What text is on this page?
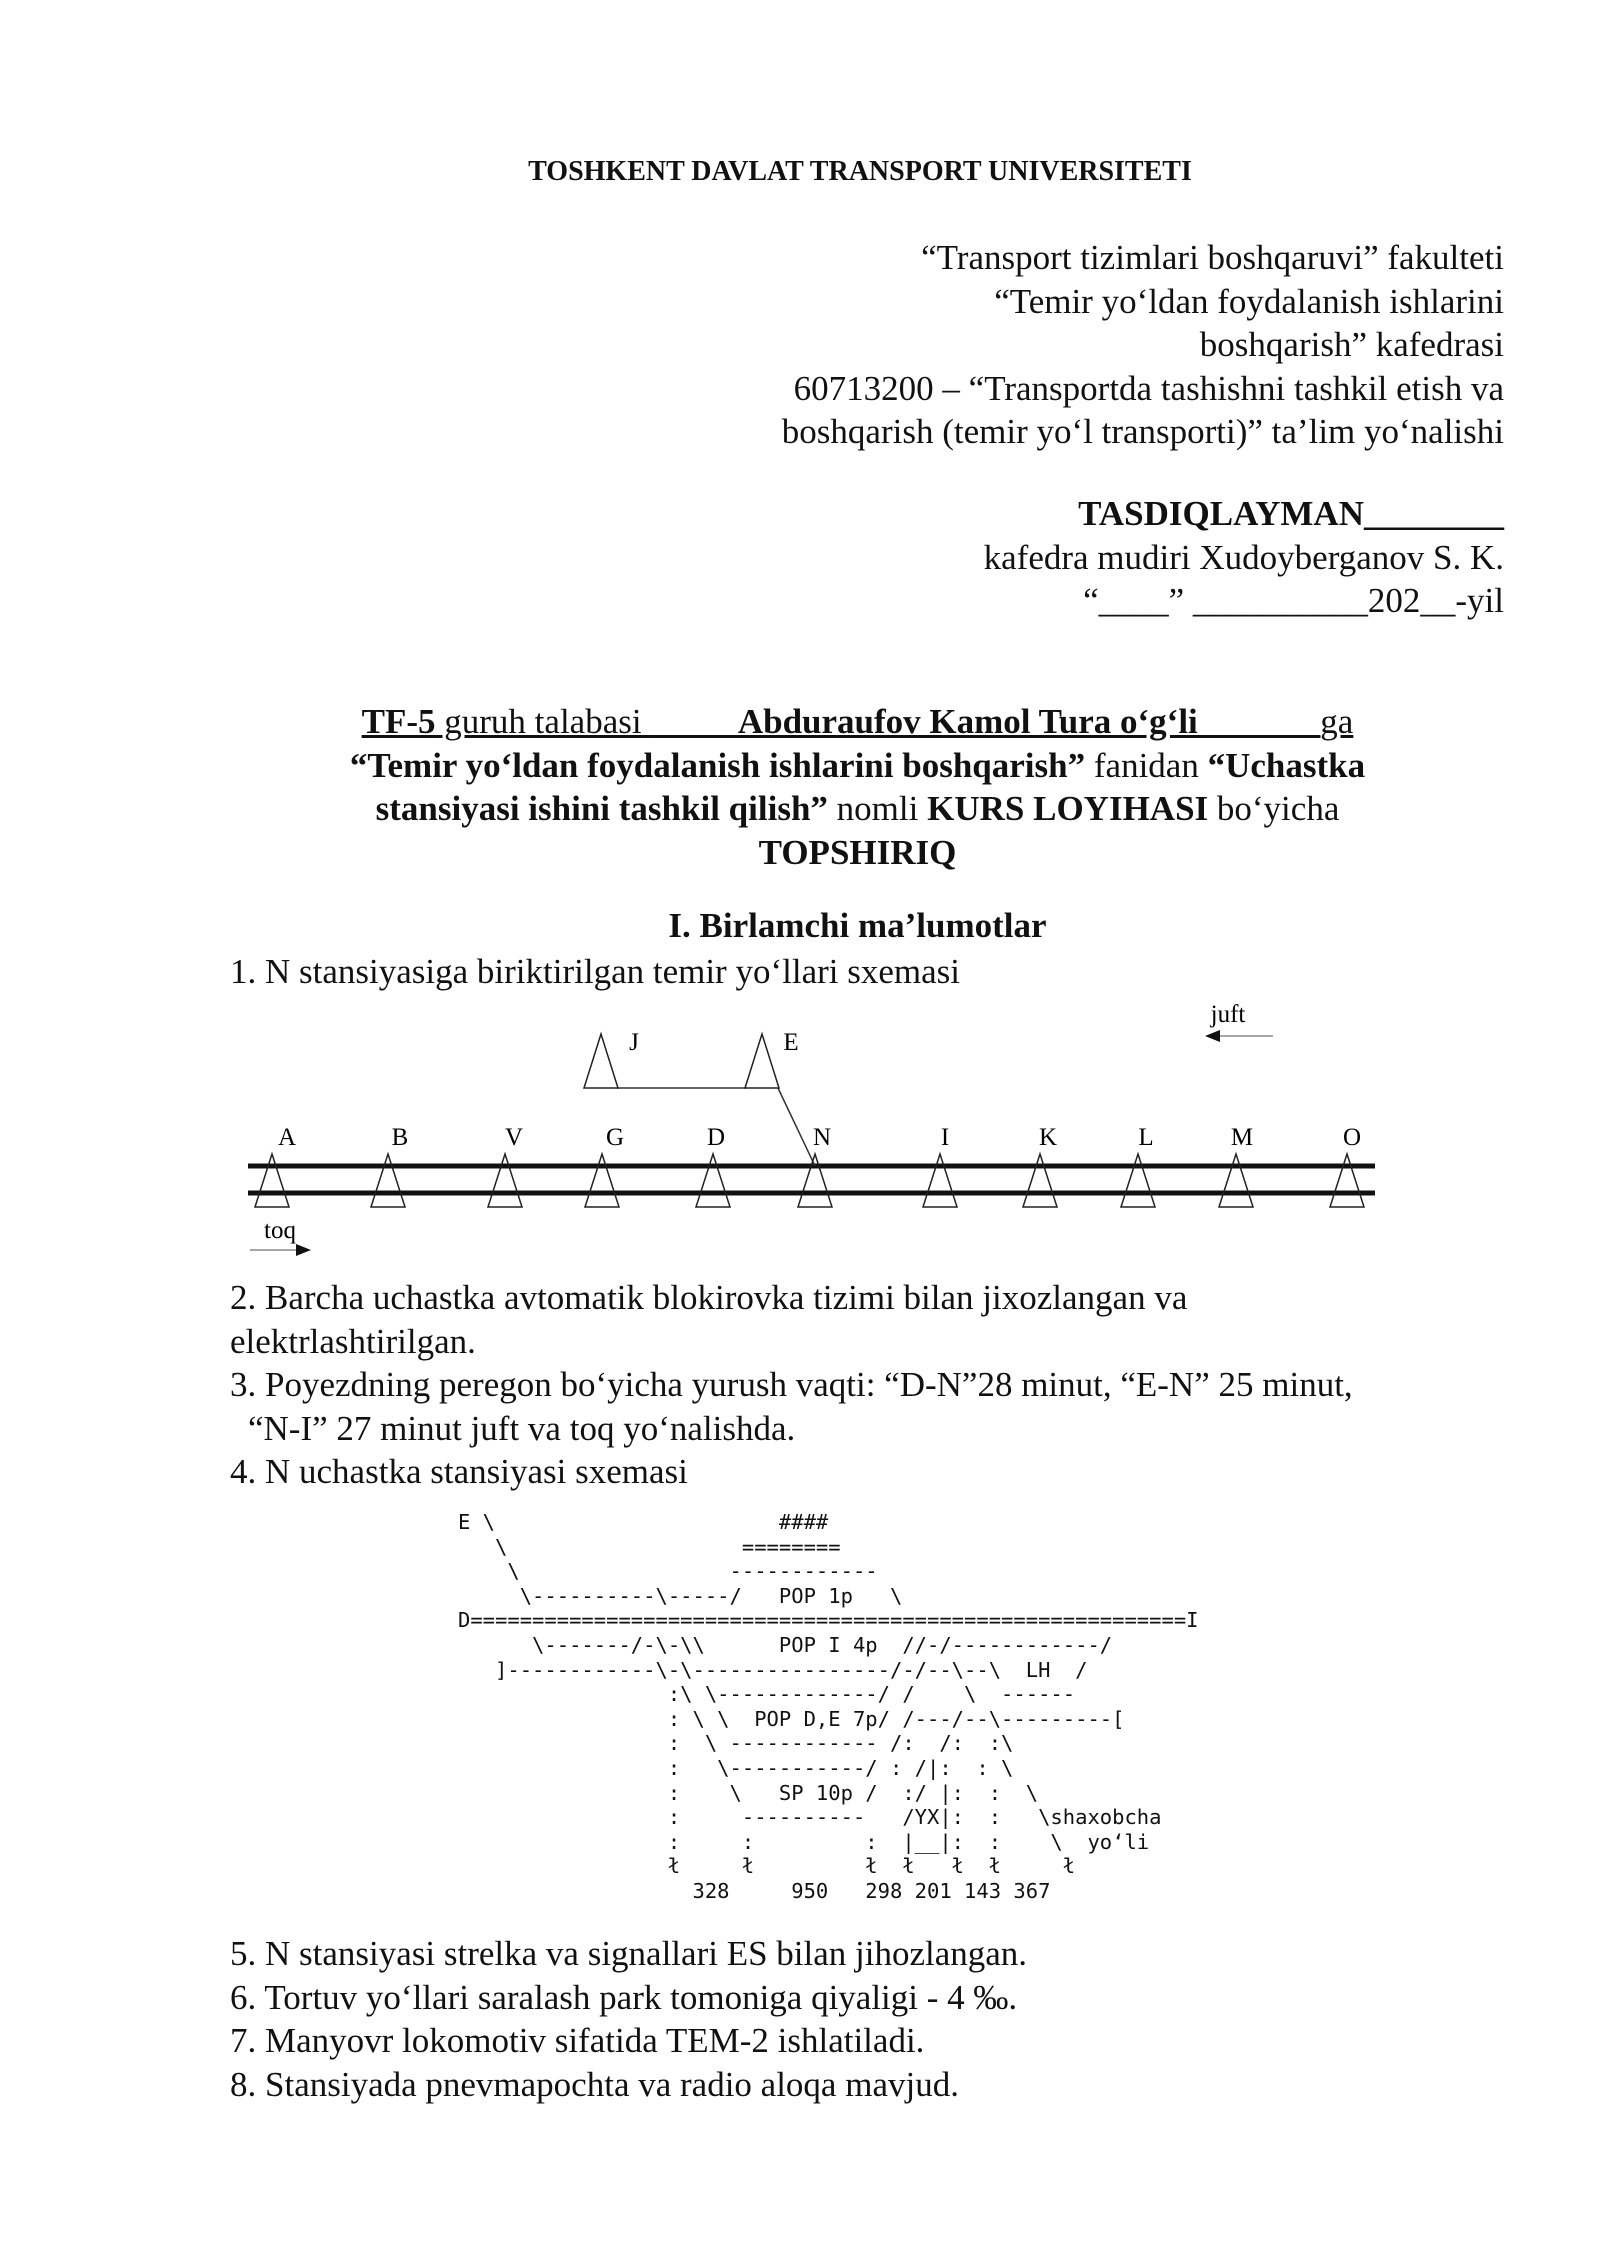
TOSHKENT DAVLAT TRANSPORT UNIVERSITETI
“Transport tizimlari boshqaruvi” fakulteti
“Temir yo‘ldan foydalanish ishlarini
boshqarish” kafedrasi
60713200 – “Transportda tashishni tashkil etish va
boshqarish (temir yo‘l transporti)” ta’lim yo‘nalishi
TASDIQLAYMAN________
kafedra mudiri Xudoyberganov S. K.
“____” __________202__-yil
TF-5 guruh talabasi _____Abduraufov Kamol Tura o‘g‘li_______ga
“Temir yo‘ldan foydalanish ishlarini boshqarish” fanidan “Uchastka
stansiyasi ishini tashkil qilish” nomli KURS LOYIHASI bo‘yicha
TOPSHIRIQ
I. Birlamchi ma’lumotlar
1. N stansiyasiga biriktirilgan temir yo‘llari sxemasi
A	B	V	G	D	N	I	K	L	M	O
J	E
juft
toq
2. Barcha uchastka avtomatik blokirovka tizimi bilan jixozlangan va
elektrlashtirilgan.
3. Poyezdning peregon bo‘yicha yurush vaqti: “D-N”28 minut, “E-N” 25 minut,
“N-I” 27 minut juft va toq yo‘nalishda.
4. N uchastka stansiyasi sxemasi
E \                       ####
\                   ========
\                 ------------
\----------\-----/   POP 1p   \
D==========================================================I
\-------/-\-\\      POP I 4p  //-/------------/
]------------\-\----------------/-/--\--\  LH  /
:\ \-------------/ /    \  ------
: \ \  POP D,E 7p/ /---/--\---------[
:  \ ------------ /:  /:  :\
:   \-----------/ : /|:  : \
:    \   SP 10p /  :/ |:  :  \
:     ----------   /YX|:  :   \shaxobcha
:     :         :  |__|:  :    \  yo‘li
ł     ł         ł  ł   ł  ł     ł
328     950   298 201 143 367
5. N stansiyasi strelka va signallari ES bilan jihozlangan.
6. Tortuv yo‘llari saralash park tomoniga qiyaligi - 4 ‰.
7. Manyovr lokomotiv sifatida TEM-2 ishlatiladi.
8. Stansiyada pnevmapochta va radio aloqa mavjud.
